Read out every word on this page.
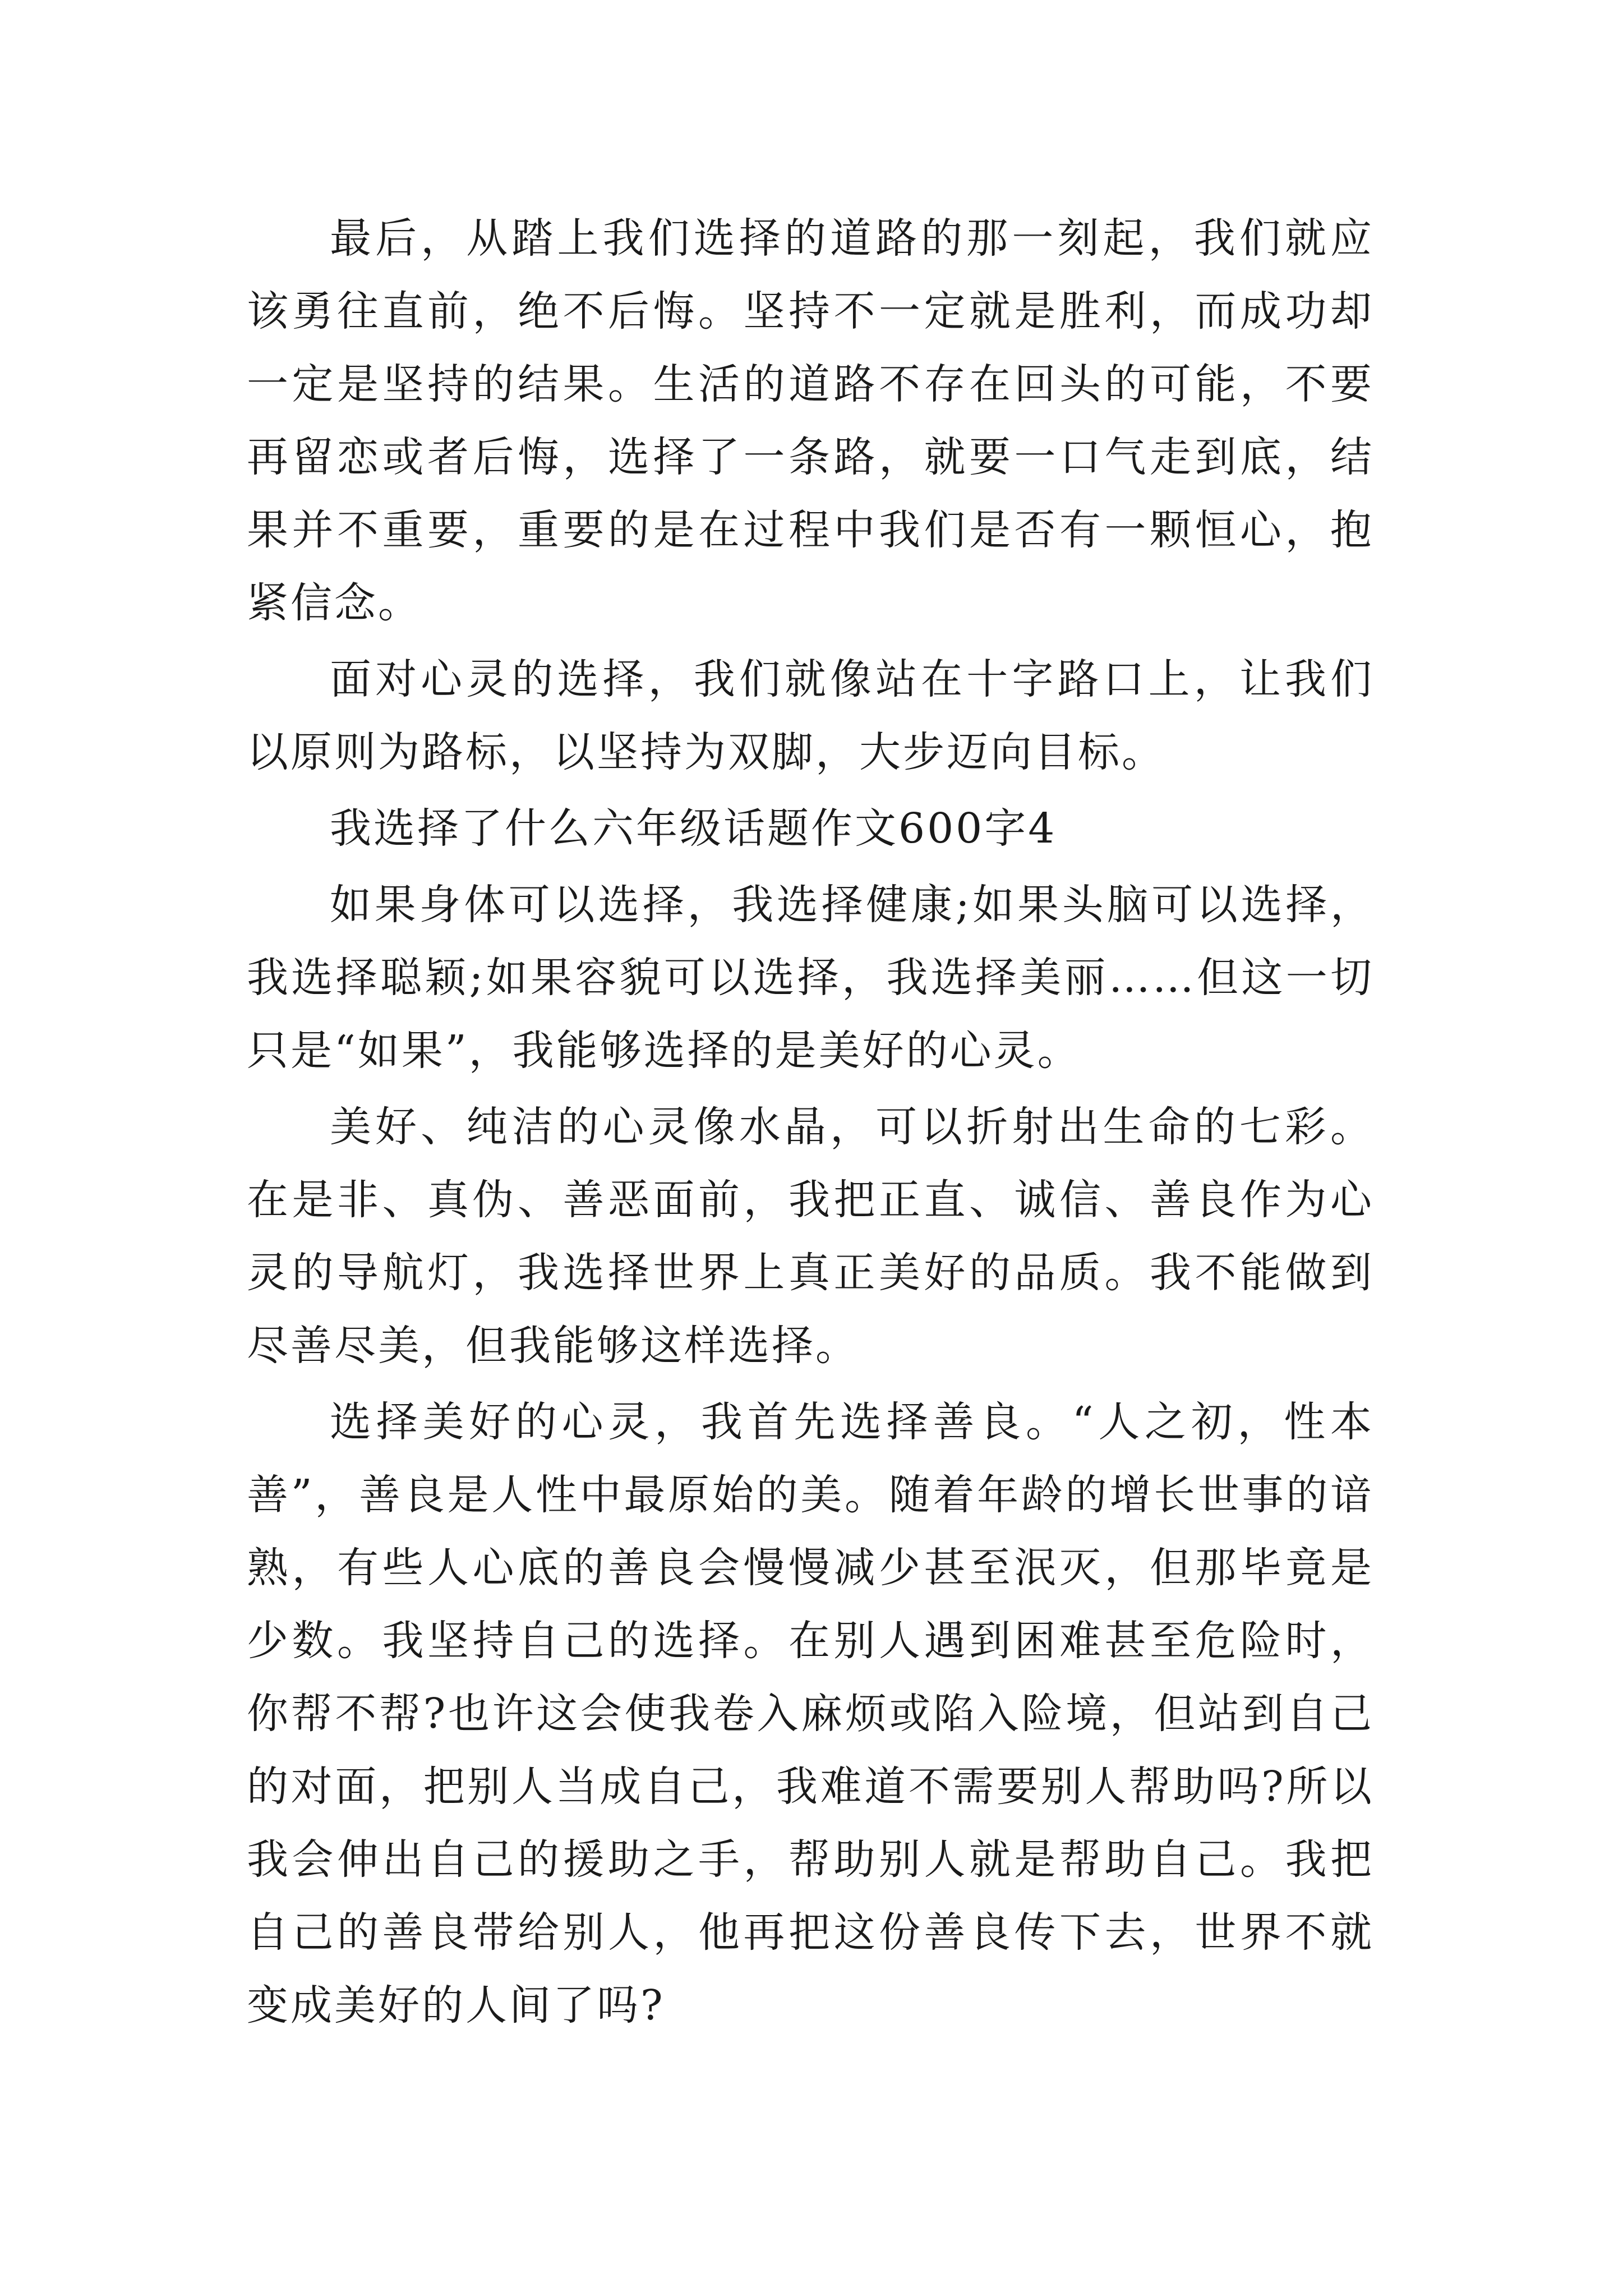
最后，从踏上我们选择的道路的那一刻起，我们就应该勇往直前，绝不后悔。坚持不一定就是胜利，而成功却一定是坚持的结果。生活的道路不存在回头的可能，不要再留恋或者后悔，选择了一条路，就要一口气走到底，结果并不重要，重要的是在过程中我们是否有一颗恒心，抱紧信念。

面对心灵的选择，我们就像站在十字路口上，让我们以原则为路标，以坚持为双脚，大步迈向目标。

我选择了什么六年级话题作文600字4

如果身体可以选择，我选择健康;如果头脑可以选择，我选择聪颖;如果容貌可以选择，我选择美丽……但这一切只是“如果”，我能够选择的是美好的心灵。

美好、纯洁的心灵像水晶，可以折射出生命的七彩。在是非、真伪、善恶面前，我把正直、诚信、善良作为心灵的导航灯，我选择世界上真正美好的品质。我不能做到尽善尽美，但我能够这样选择。

选择美好的心灵，我首先选择善良。“人之初，性本善”，善良是人性中最原始的美。随着年龄的增长世事的谙熟，有些人心底的善良会慢慢减少甚至泯灭，但那毕竟是少数。我坚持自己的选择。在别人遇到困难甚至危险时，你帮不帮?也许这会使我卷入麻烦或陷入险境，但站到自己的对面，把别人当成自己，我难道不需要别人帮助吗?所以我会伸出自己的援助之手，帮助别人就是帮助自己。我把自己的善良带给别人，他再把这份善良传下去，世界不就变成美好的人间了吗?
